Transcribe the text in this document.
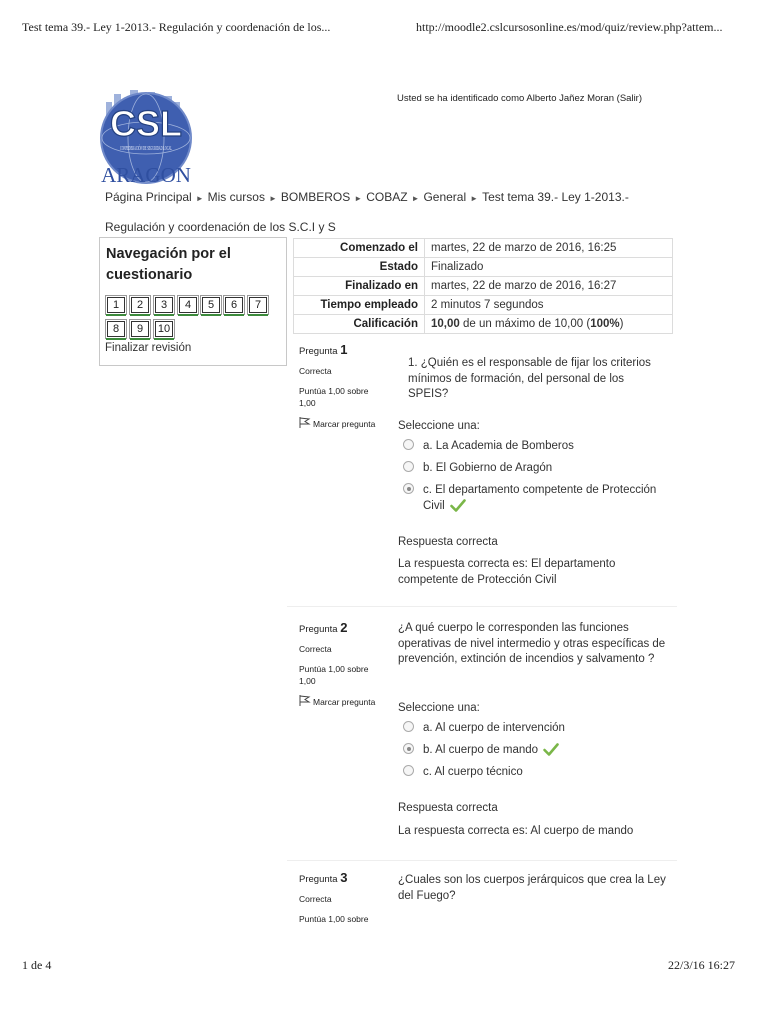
Test tema 39.- Ley 1-2013.- Regulación y coordenación de los...	http://moodle2.cslcursosonline.es/mod/quiz/review.php?attem...
CSL
ARAGON
Usted se ha identificado como Alberto Jañez Moran (Salir)
Página Principal ► Mis cursos ► BOMBEROS ► COBAZ ► General ► Test tema 39.- Ley 1-2013.- Regulación y coordenación de los S.C.I y S
Navegación por el cuestionario
1	2	3	4	5	6	7
8	9	10
Finalizar revisión
Comenzado el	martes, 22 de marzo de 2016, 16:25
Estado	Finalizado
Finalizado en	martes, 22 de marzo de 2016, 16:27
Tiempo empleado	2 minutos 7 segundos
Calificación	10,00 de un máximo de 10,00 (100%)
Pregunta 1
Correcta
Puntúa 1,00 sobre 1,00
Marcar pregunta
1. ¿Quién es el responsable de fijar los criterios mínimos de formación, del personal de los SPEIS?
Seleccione una:
a. La Academia de Bomberos
b. El Gobierno de Aragón
c. El departamento competente de Protección Civil
Respuesta correcta
La respuesta correcta es: El departamento competente de Protección Civil
Pregunta 2
Correcta
Puntúa 1,00 sobre 1,00
Marcar pregunta
¿A qué cuerpo le corresponden las funciones operativas de nivel intermedio y otras específicas de prevención, extinción de incendios y salvamento ?
Seleccione una:
a. Al cuerpo de intervención
b. Al cuerpo de mando
c. Al cuerpo técnico
Respuesta correcta
La respuesta correcta es: Al cuerpo de mando
Pregunta 3
Correcta
Puntúa 1,00 sobre
¿Cuales son los cuerpos jerárquicos que crea la Ley del Fuego?
1 de 4	22/3/16 16:27
